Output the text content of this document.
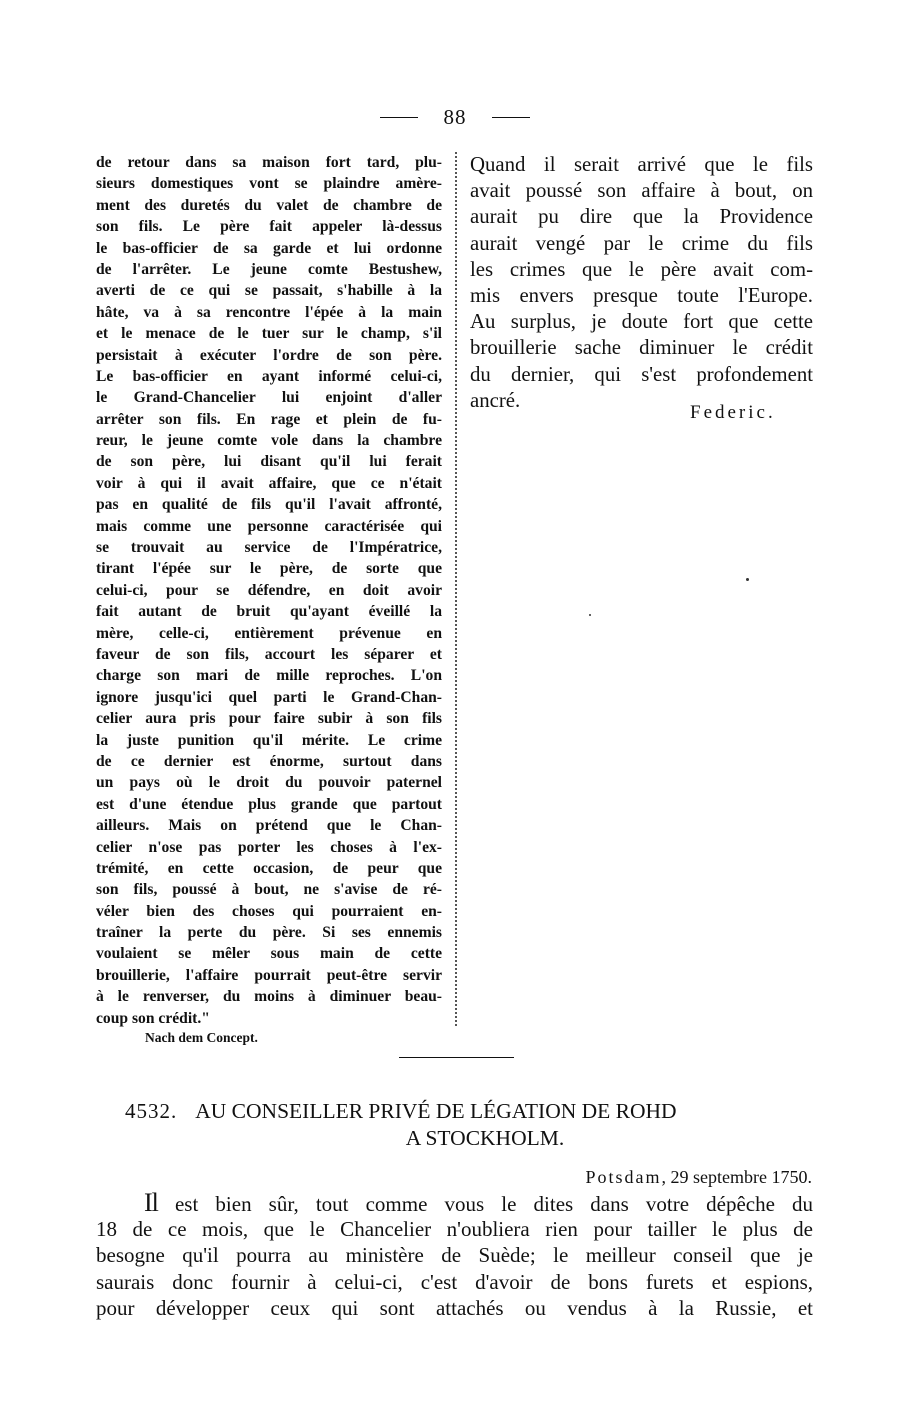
88
de retour dans sa maison fort tard, plu-
sieurs domestiques vont se plaindre amère-
ment des duretés du valet de chambre de
son fils. Le père fait appeler là-dessus
le bas-officier de sa garde et lui ordonne
de l'arrêter. Le jeune comte Bestushew,
averti de ce qui se passait, s'habille à la
hâte, va à sa rencontre l'épée à la main
et le menace de le tuer sur le champ, s'il
persistait à exécuter l'ordre de son père.
Le bas-officier en ayant informé celui-ci,
le Grand-Chancelier lui enjoint d'aller
arrêter son fils. En rage et plein de fu-
reur, le jeune comte vole dans la chambre
de son père, lui disant qu'il lui ferait
voir à qui il avait affaire, que ce n'était
pas en qualité de fils qu'il l'avait affronté,
mais comme une personne caractérisée qui
se trouvait au service de l'Impératrice,
tirant l'épée sur le père, de sorte que
celui-ci, pour se défendre, en doit avoir
fait autant de bruit qu'ayant éveillé la
mère, celle-ci, entièrement prévenue en
faveur de son fils, accourt les séparer et
charge son mari de mille reproches. L'on
ignore jusqu'ici quel parti le Grand-Chan-
celier aura pris pour faire subir à son fils
la juste punition qu'il mérite. Le crime
de ce dernier est énorme, surtout dans
un pays où le droit du pouvoir paternel
est d'une étendue plus grande que partout
ailleurs. Mais on prétend que le Chan-
celier n'ose pas porter les choses à l'ex-
trémité, en cette occasion, de peur que
son fils, poussé à bout, ne s'avise de ré-
véler bien des choses qui pourraient en-
traîner la perte du père. Si ses ennemis
voulaient se mêler sous main de cette
brouillerie, l'affaire pourrait peut-être servir
à le renverser, du moins à diminuer beau-
coup son crédit."
Nach dem Concept.
Quand il serait arrivé que le fils
avait poussé son affaire à bout, on
aurait pu dire que la Providence
aurait vengé par le crime du fils
les crimes que le père avait com-
mis envers presque toute l'Europe.
Au surplus, je doute fort que cette
brouillerie sache diminuer le crédit
du dernier, qui s'est profondement
ancré.
Federic.
4532. AU CONSEILLER PRIVÉ DE LÉGATION DE ROHD
A STOCKHOLM.
Potsdam, 29 septembre 1750.
Il est bien sûr, tout comme vous le dites dans votre dépêche du
18 de ce mois, que le Chancelier n'oubliera rien pour tailler le plus de
besogne qu'il pourra au ministère de Suède; le meilleur conseil que je
saurais donc fournir à celui-ci, c'est d'avoir de bons furets et espions,
pour développer ceux qui sont attachés ou vendus à la Russie, et
